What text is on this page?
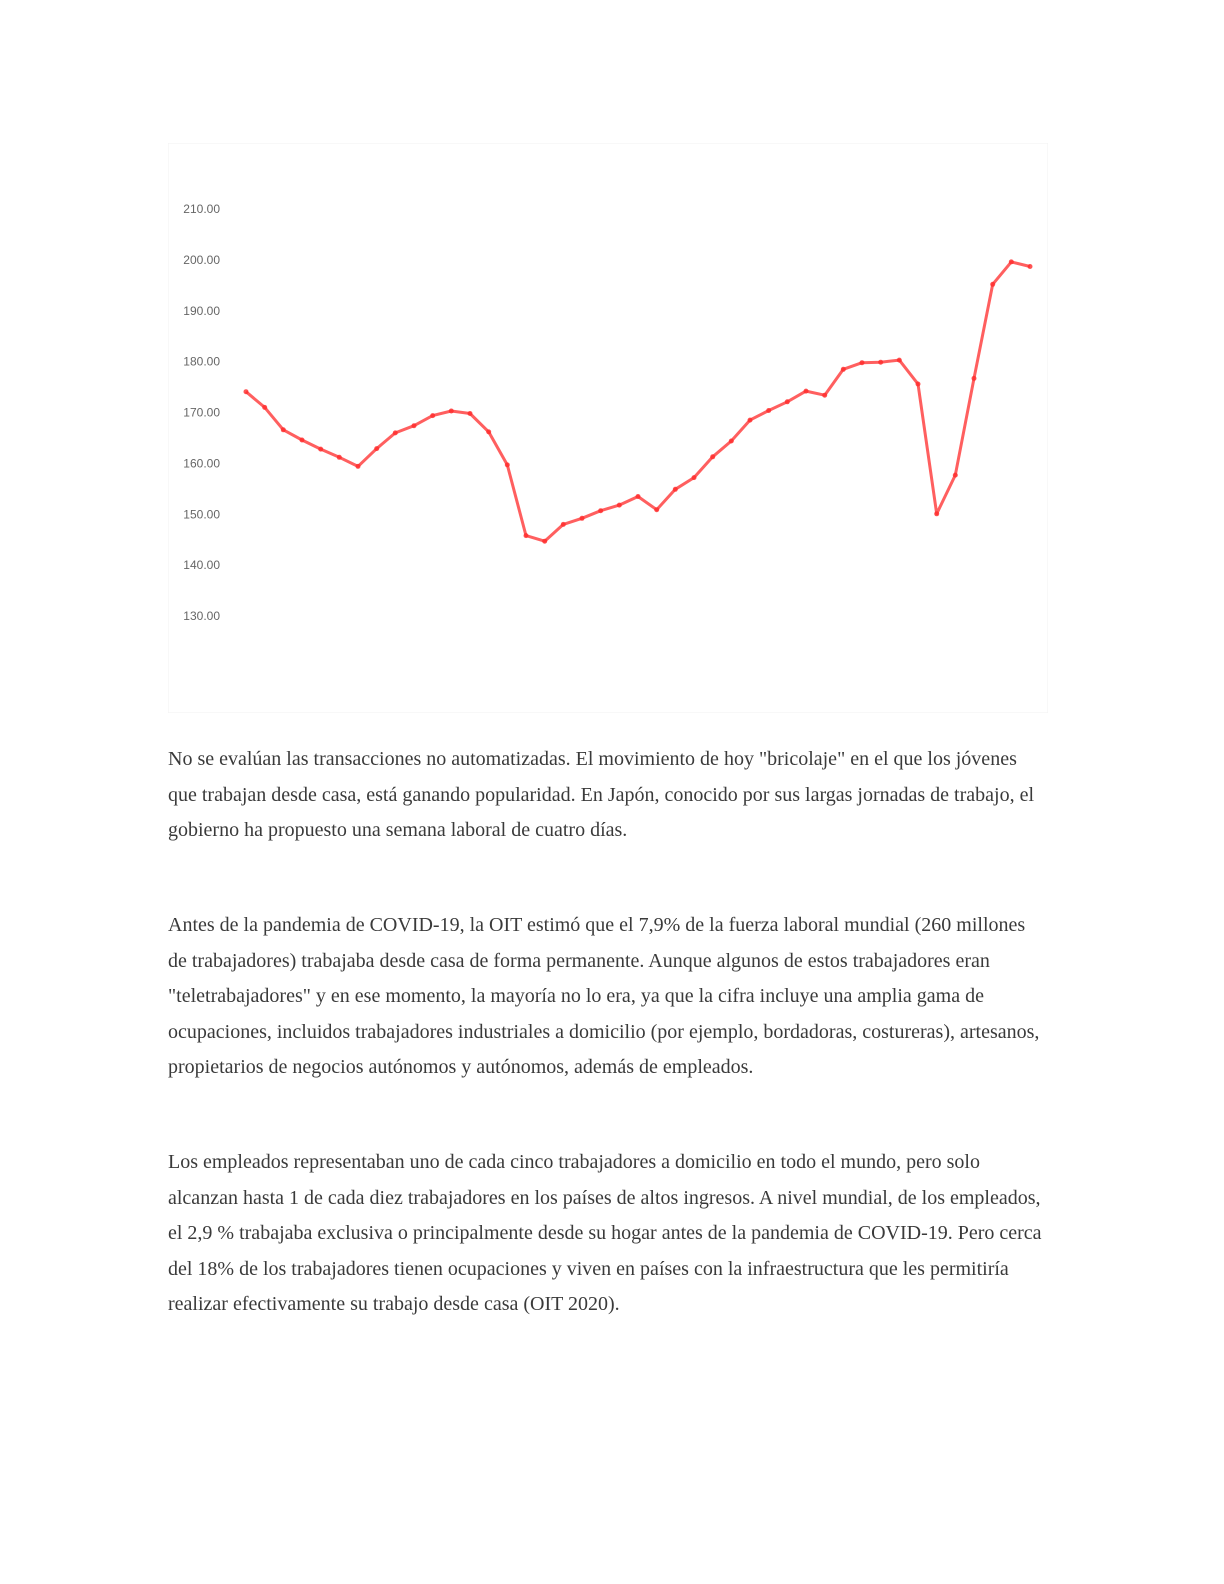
130.00
140.00
150.00
160.00
170.00
180.00
190.00
200.00
210.00

No se evalúan las transacciones no automatizadas. El movimiento de hoy "bricolaje" en el que los jóvenes que trabajan desde casa, está ganando popularidad. En Japón, conocido por sus largas jornadas de trabajo, el gobierno ha propuesto una semana laboral de cuatro días.

Antes de la pandemia de COVID-19, la OIT estimó que el 7,9% de la fuerza laboral mundial (260 millones de trabajadores) trabajaba desde casa de forma permanente. Aunque algunos de estos trabajadores eran "teletrabajadores" y en ese momento, la mayoría no lo era, ya que la cifra incluye una amplia gama de ocupaciones, incluidos trabajadores industriales a domicilio (por ejemplo, bordadoras, costureras), artesanos, propietarios de negocios autónomos y autónomos, además de empleados.

Los empleados representaban uno de cada cinco trabajadores a domicilio en todo el mundo, pero solo alcanzan hasta 1 de cada diez trabajadores en los países de altos ingresos. A nivel mundial, de los empleados, el 2,9 % trabajaba exclusiva o principalmente desde su hogar antes de la pandemia de COVID-19. Pero cerca del 18% de los trabajadores tienen ocupaciones y viven en países con la infraestructura que les permitiría realizar efectivamente su trabajo desde casa (OIT 2020).
